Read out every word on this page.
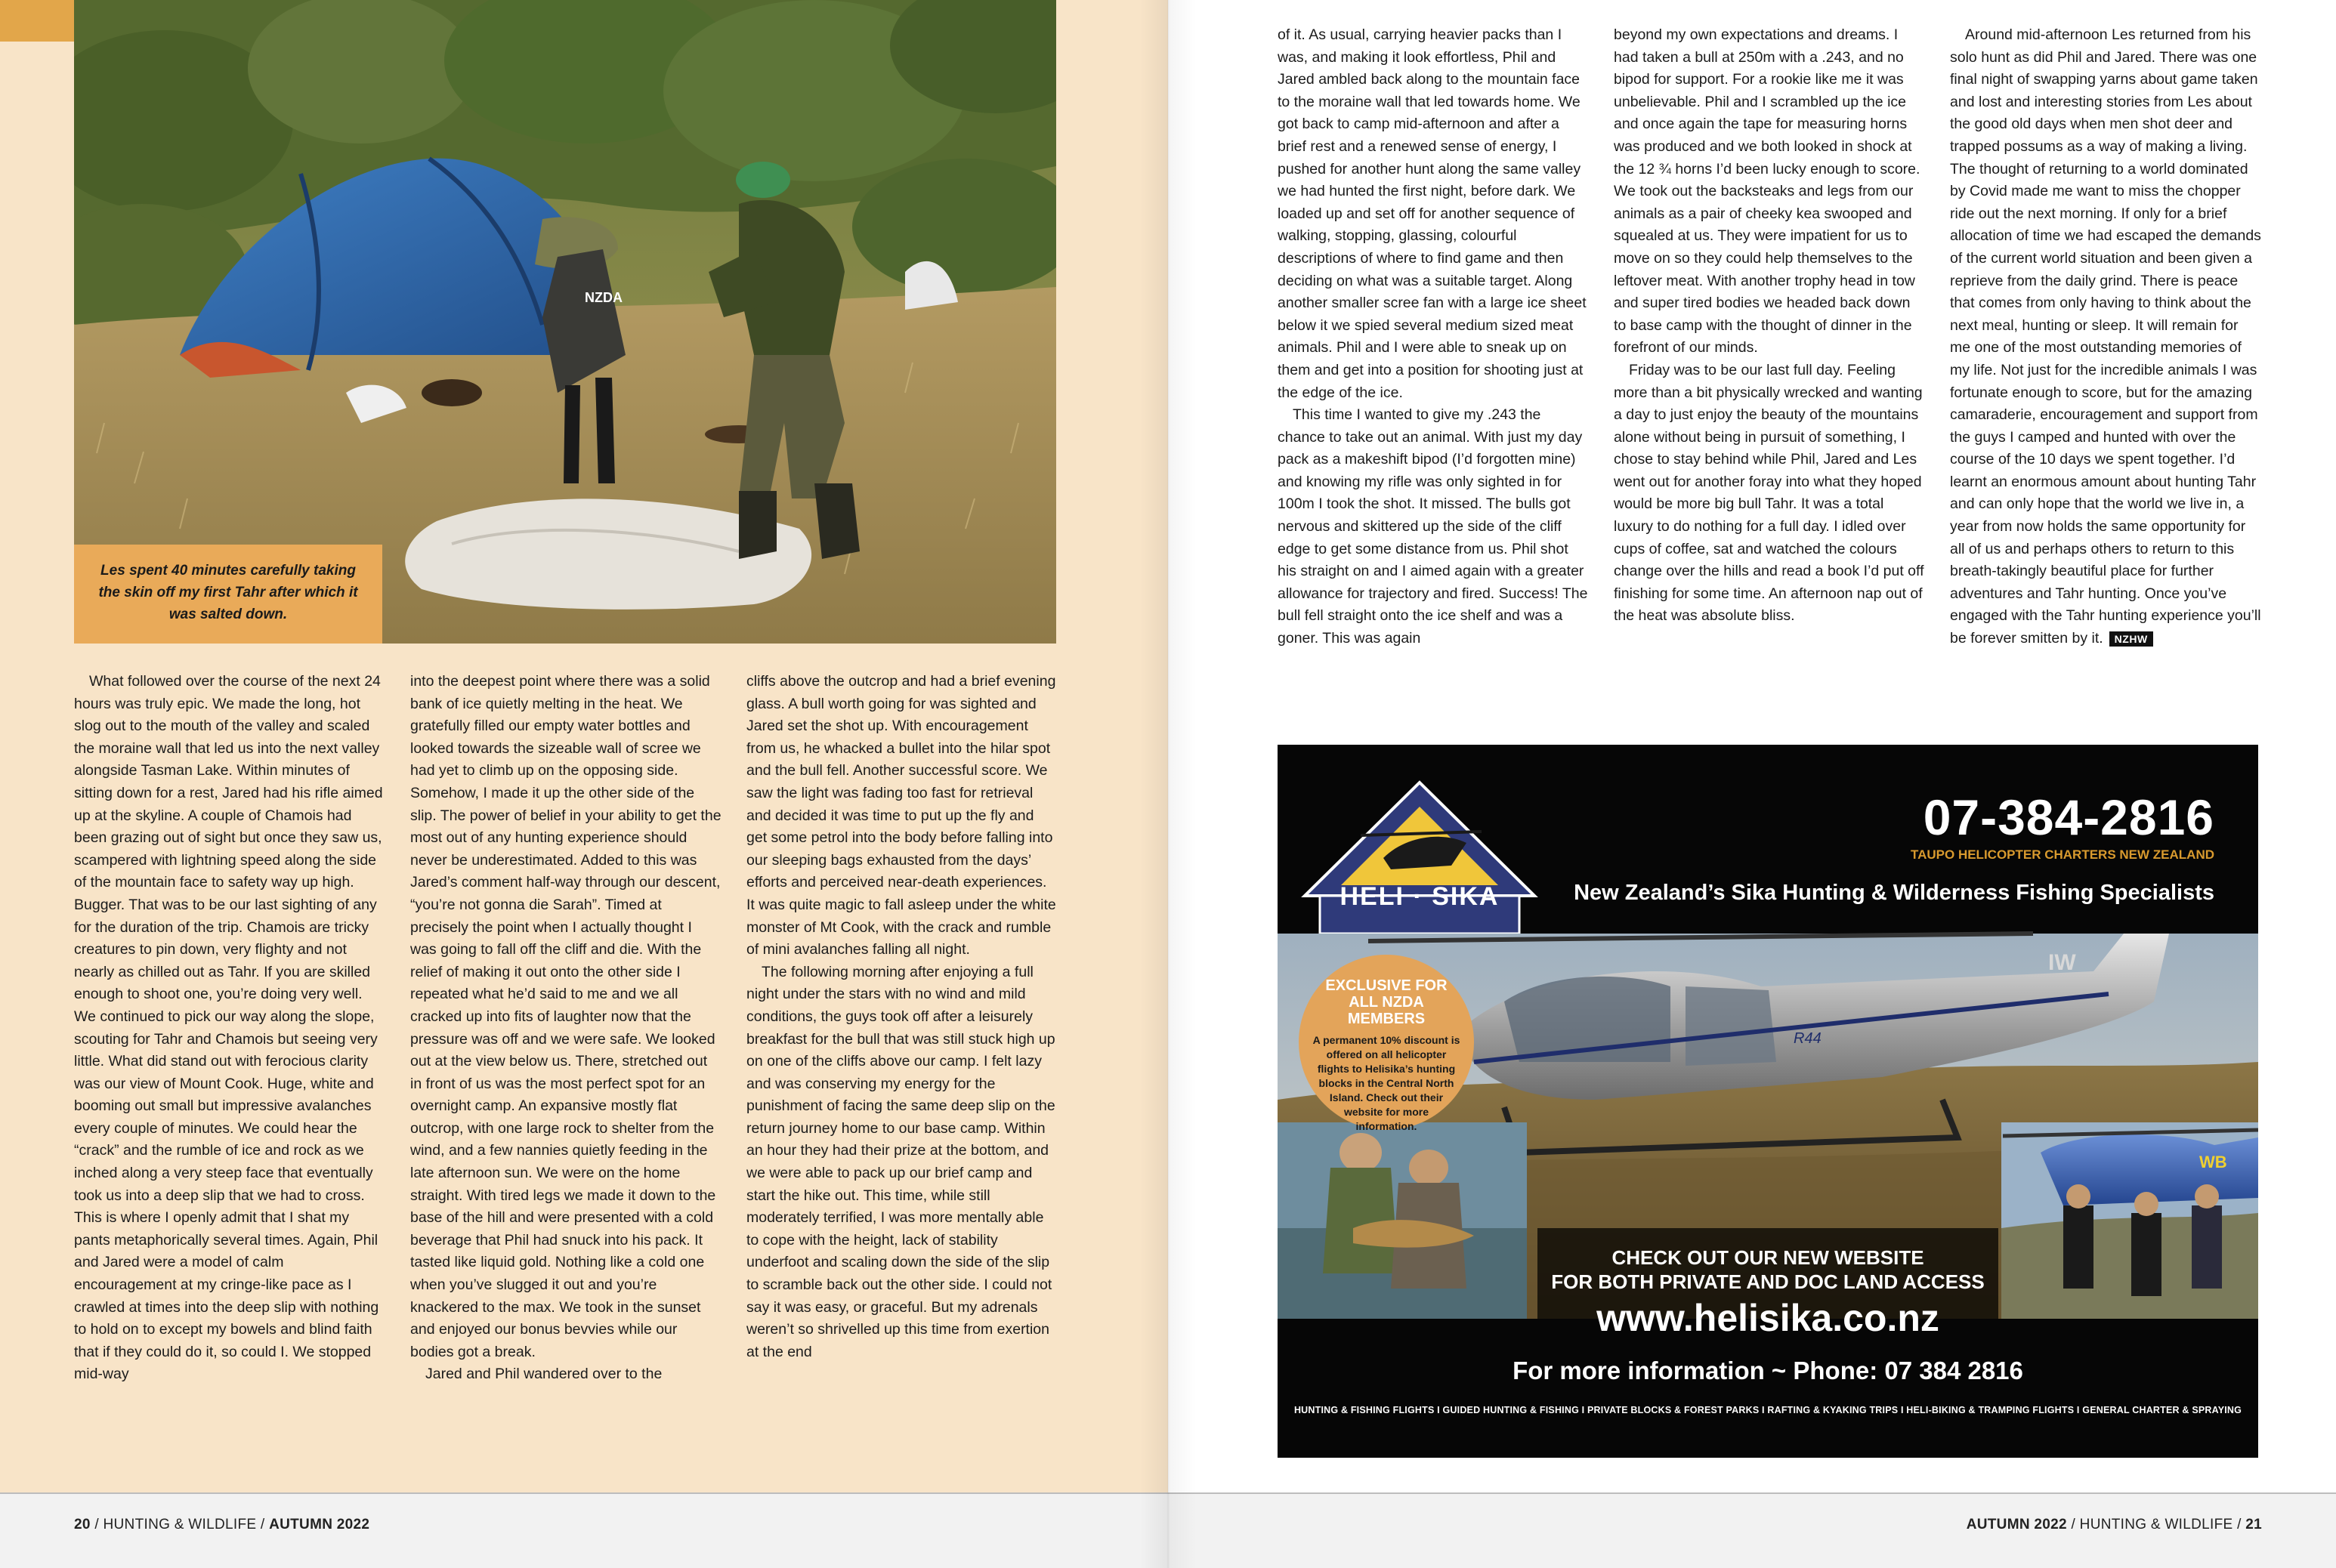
NZDA

Les spent 40 minutes carefully taking the skin off my first Tahr after which it was salted down.

What followed over the course of the next 24 hours was truly epic. We made the long, hot slog out to the mouth of the valley and scaled the moraine wall that led us into the next valley alongside Tasman Lake. Within minutes of sitting down for a rest, Jared had his rifle aimed up at the skyline. A couple of Chamois had been grazing out of sight but once they saw us, scampered with lightning speed along the side of the mountain face to safety way up high. Bugger. That was to be our last sighting of any for the duration of the trip. Chamois are tricky creatures to pin down, very flighty and not nearly as chilled out as Tahr. If you are skilled enough to shoot one, you’re doing very well. We continued to pick our way along the slope, scouting for Tahr and Chamois but seeing very little. What did stand out with ferocious clarity was our view of Mount Cook. Huge, white and booming out small but impressive avalanches every couple of minutes. We could hear the “crack” and the rumble of ice and rock as we inched along a very steep face that eventually took us into a deep slip that we had to cross. This is where I openly admit that I shat my pants metaphorically several times. Again, Phil and Jared were a model of calm encouragement at my cringe-like pace as I crawled at times into the deep slip with nothing to hold on to except my bowels and blind faith that if they could do it, so could I. We stopped mid-way

into the deepest point where there was a solid bank of ice quietly melting in the heat. We gratefully filled our empty water bottles and looked towards the sizeable wall of scree we had yet to climb up on the opposing side. Somehow, I made it up the other side of the slip. The power of belief in your ability to get the most out of any hunting experience should never be underestimated. Added to this was Jared’s comment half-way through our descent, “you’re not gonna die Sarah”. Timed at precisely the point when I actually thought I was going to fall off the cliff and die. With the relief of making it out onto the other side I repeated what he’d said to me and we all cracked up into fits of laughter now that the pressure was off and we were safe. We looked out at the view below us. There, stretched out in front of us was the most perfect spot for an overnight camp. An expansive mostly flat outcrop, with one large rock to shelter from the wind, and a few nannies quietly feeding in the late afternoon sun. We were on the home straight. With tired legs we made it down to the base of the hill and were presented with a cold beverage that Phil had snuck into his pack. It tasted like liquid gold. Nothing like a cold one when you’ve slugged it out and you’re knackered to the max. We took in the sunset and enjoyed our bonus bevvies while our bodies got a break.

Jared and Phil wandered over to the

cliffs above the outcrop and had a brief evening glass. A bull worth going for was sighted and Jared set the shot up. With encouragement from us, he whacked a bullet into the hilar spot and the bull fell. Another successful score. We saw the light was fading too fast for retrieval and decided it was time to put up the fly and get some petrol into the body before falling into our sleeping bags exhausted from the days’ efforts and perceived near-death experiences. It was quite magic to fall asleep under the white monster of Mt Cook, with the crack and rumble of mini avalanches falling all night.

The following morning after enjoying a full night under the stars with no wind and mild conditions, the guys took off after a leisurely breakfast for the bull that was still stuck high up on one of the cliffs above our camp. I felt lazy and was conserving my energy for the punishment of facing the same deep slip on the return journey home to our base camp. Within an hour they had their prize at the bottom, and we were able to pack up our brief camp and start the hike out. This time, while still moderately terrified, I was more mentally able to cope with the height, lack of stability underfoot and scaling down the side of the slip to scramble back out the other side. I could not say it was easy, or graceful. But my adrenals weren’t so shrivelled up this time from exertion at the end

of it. As usual, carrying heavier packs than I was, and making it look effortless, Phil and Jared ambled back along to the mountain face to the moraine wall that led towards home. We got back to camp mid-afternoon and after a brief rest and a renewed sense of energy, I pushed for another hunt along the same valley we had hunted the first night, before dark. We loaded up and set off for another sequence of walking, stopping, glassing, colourful descriptions of where to find game and then deciding on what was a suitable target. Along another smaller scree fan with a large ice sheet below it we spied several medium sized meat animals. Phil and I were able to sneak up on them and get into a position for shooting just at the edge of the ice.

This time I wanted to give my .243 the chance to take out an animal. With just my day pack as a makeshift bipod (I’d forgotten mine) and knowing my rifle was only sighted in for 100m I took the shot. It missed. The bulls got nervous and skittered up the side of the cliff edge to get some distance from us. Phil shot his straight on and I aimed again with a greater allowance for trajectory and fired. Success! The bull fell straight onto the ice shelf and was a goner. This was again

beyond my own expectations and dreams. I had taken a bull at 250m with a .243, and no bipod for support. For a rookie like me it was unbelievable. Phil and I scrambled up the ice and once again the tape for measuring horns was produced and we both looked in shock at the 12 ¾ horns I’d been lucky enough to score. We took out the backsteaks and legs from our animals as a pair of cheeky kea swooped and squealed at us. They were impatient for us to move on so they could help themselves to the leftover meat. With another trophy head in tow and super tired bodies we headed back down to base camp with the thought of dinner in the forefront of our minds.

Friday was to be our last full day. Feeling more than a bit physically wrecked and wanting a day to just enjoy the beauty of the mountains alone without being in pursuit of something, I chose to stay behind while Phil, Jared and Les went out for another foray into what they hoped would be more big bull Tahr. It was a total luxury to do nothing for a full day. I idled over cups of coffee, sat and watched the colours change over the hills and read a book I’d put off finishing for some time. An afternoon nap out of the heat was absolute bliss.

Around mid-afternoon Les returned from his solo hunt as did Phil and Jared. There was one final night of swapping yarns about game taken and lost and interesting stories from Les about the good old days when men shot deer and trapped possums as a way of making a living. The thought of returning to a world dominated by Covid made me want to miss the chopper ride out the next morning. If only for a brief allocation of time we had escaped the demands of the current world situation and been given a reprieve from the daily grind. There is peace that comes from only having to think about the next meal, hunting or sleep. It will remain for me one of the most outstanding memories of my life. Not just for the incredible animals I was fortunate enough to score, but for the amazing camaraderie, encouragement and support from the guys I camped and hunted with over the course of the 10 days we spent together. I’d learnt an enormous amount about hunting Tahr and can only hope that the world we live in, a year from now holds the same opportunity for all of us and perhaps others to return to this breath-takingly beautiful place for further adventures and Tahr hunting. Once you’ve engaged with the Tahr hunting experience you’ll be forever smitten by it. NZHW

R44
IW
WB
CHECK OUT OUR NEW WEBSITE
FOR BOTH PRIVATE AND DOC LAND ACCESS
HELI · SIKA
07-384-2816
TAUPO HELICOPTER CHARTERS NEW ZEALAND
New Zealand’s Sika Hunting & Wilderness Fishing Specialists
EXCLUSIVE FOR ALL NZDA MEMBERS
A permanent 10% discount is offered on all helicopter flights to Helisika’s hunting blocks in the Central North Island. Check out their website for more information.
www.helisika.co.nz
For more information ~ Phone: 07 384 2816
HUNTING & FISHING FLIGHTS I GUIDED HUNTING & FISHING I PRIVATE BLOCKS & FOREST PARKS I RAFTING & KYAKING TRIPS I HELI-BIKING & TRAMPING FLIGHTS I GENERAL CHARTER & SPRAYING
20 / HUNTING & WILDLIFE / AUTUMN 2022	AUTUMN 2022 / HUNTING & WILDLIFE / 21
